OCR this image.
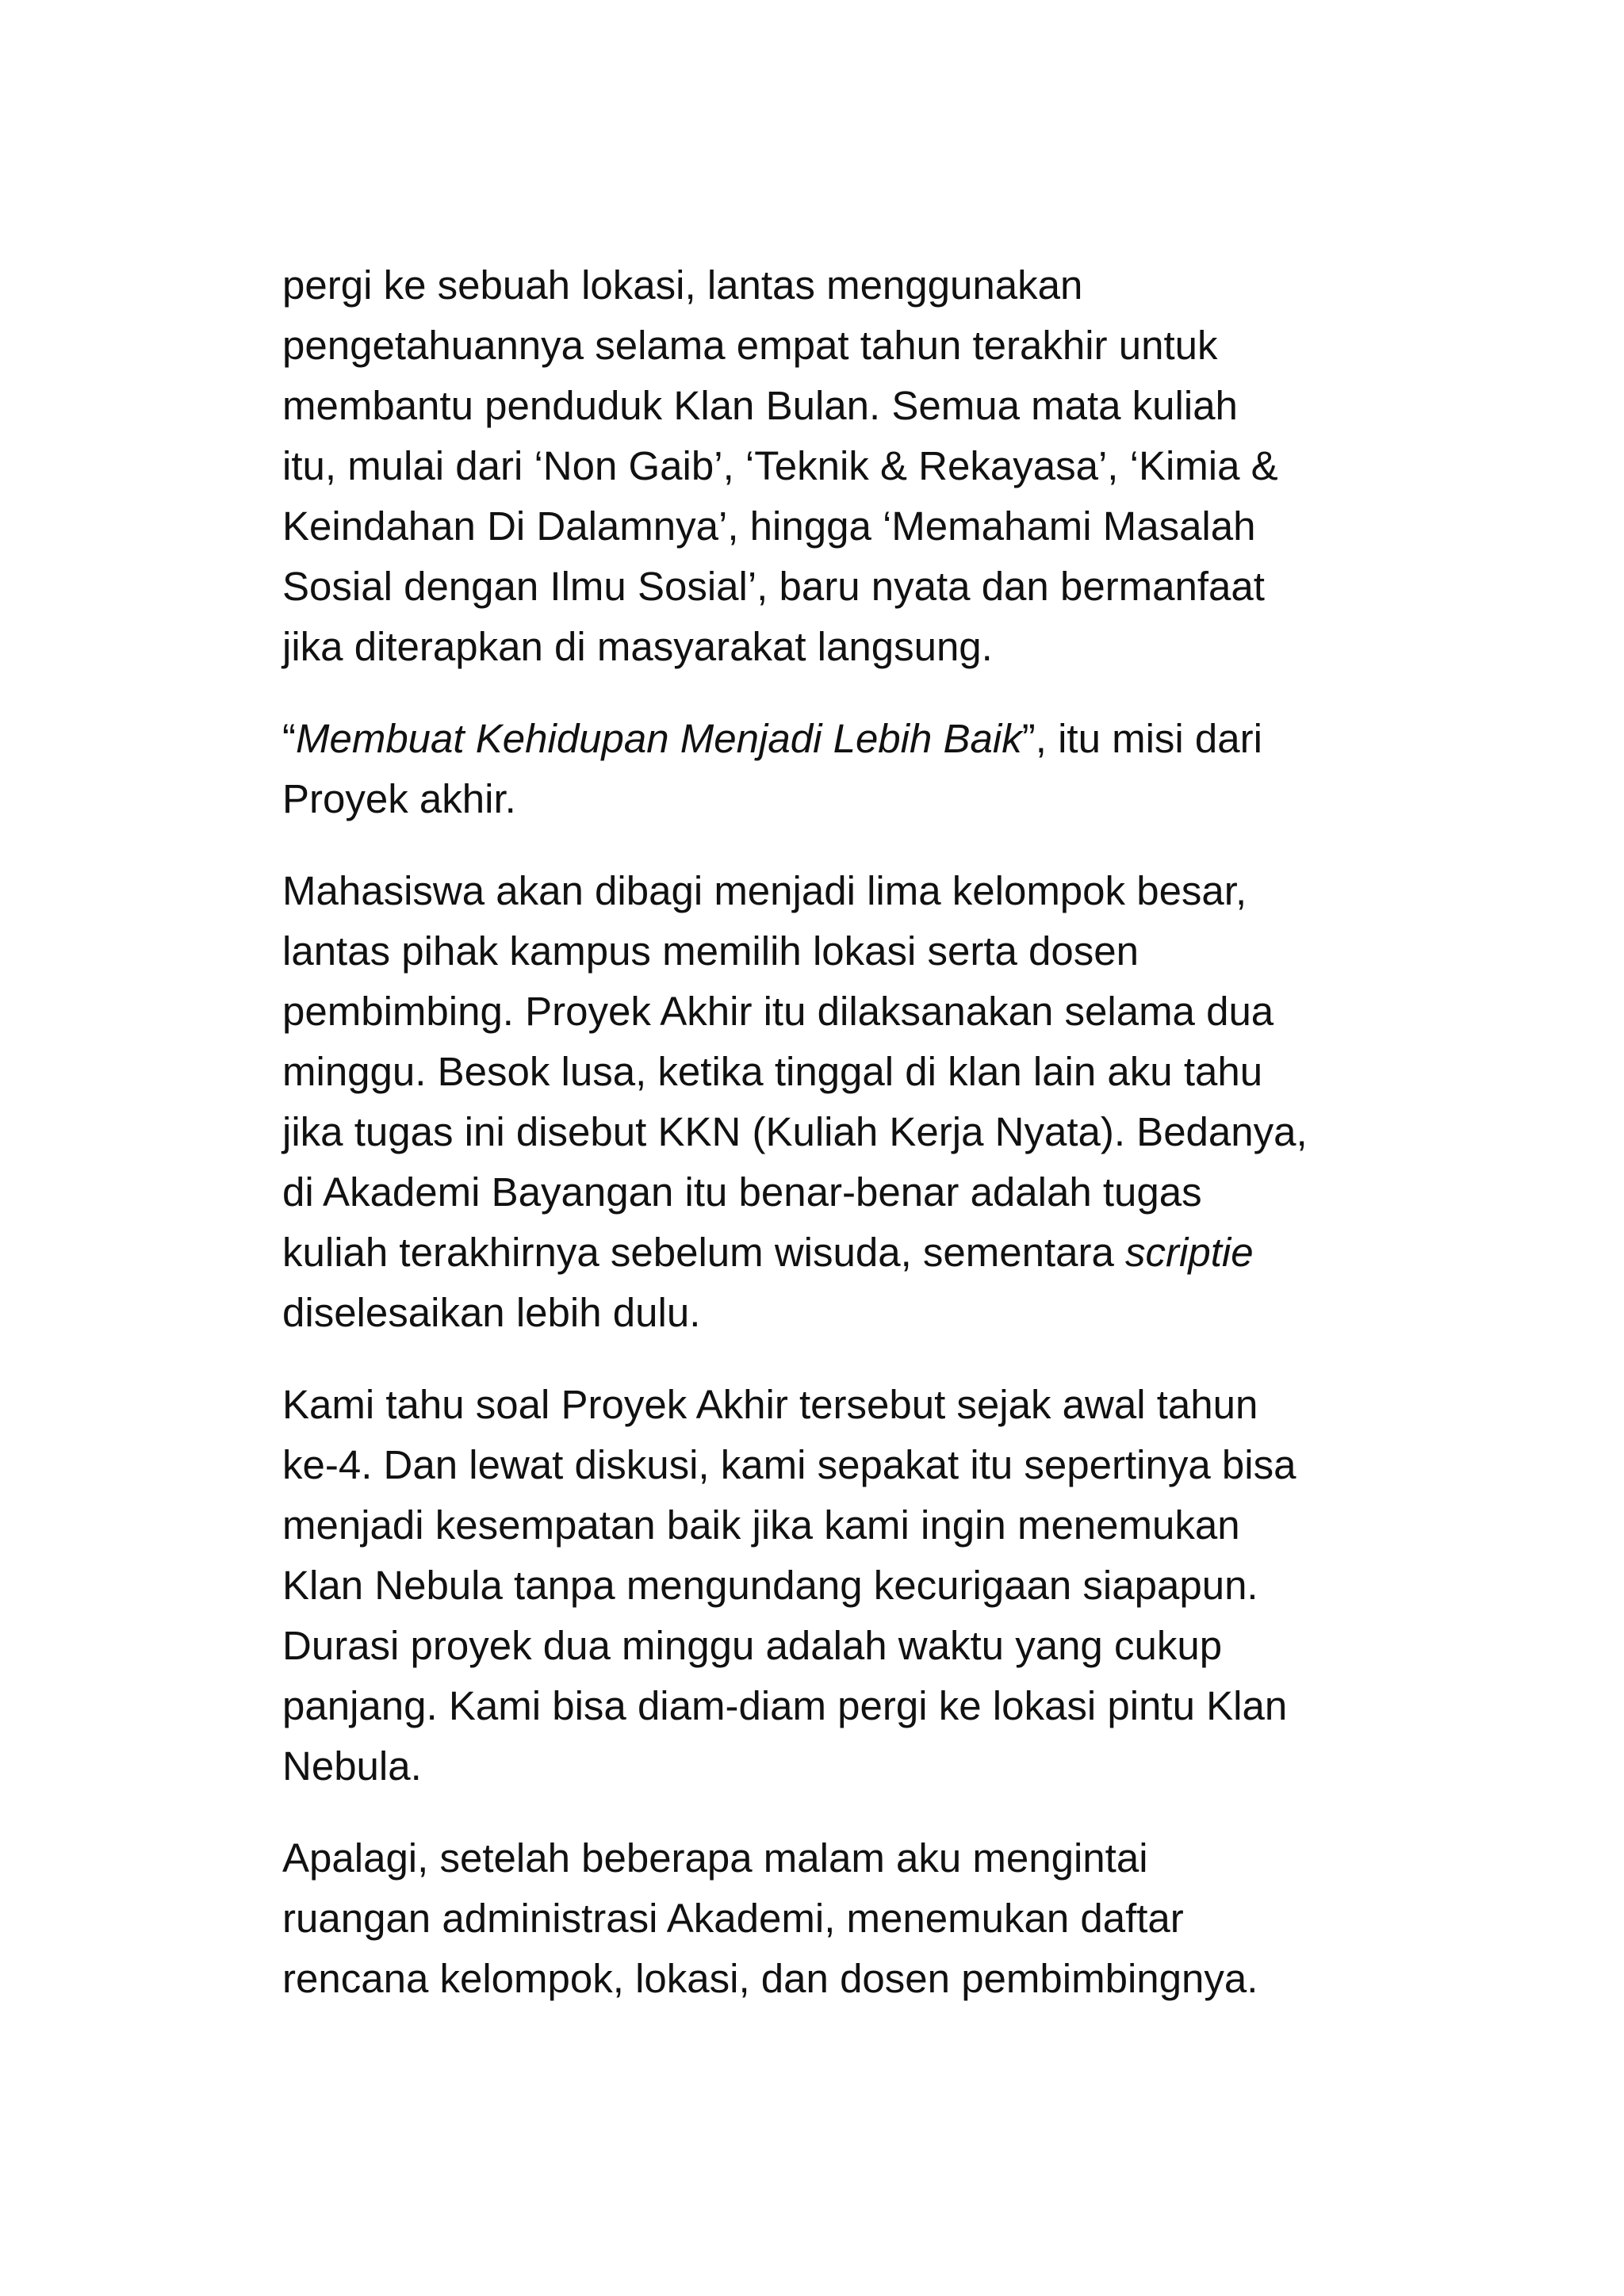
pergi ke sebuah lokasi, lantas menggunakan
pengetahuannya selama empat tahun terakhir untuk
membantu penduduk Klan Bulan. Semua mata kuliah
itu, mulai dari ‘Non Gaib’, ‘Teknik & Rekayasa’, ‘Kimia &
Keindahan Di Dalamnya’, hingga ‘Memahami Masalah
Sosial dengan Ilmu Sosial’, baru nyata dan bermanfaat
jika diterapkan di masyarakat langsung.

“Membuat Kehidupan Menjadi Lebih Baik”, itu misi dari
Proyek akhir.

Mahasiswa akan dibagi menjadi lima kelompok besar,
lantas pihak kampus memilih lokasi serta dosen
pembimbing. Proyek Akhir itu dilaksanakan selama dua
minggu. Besok lusa, ketika tinggal di klan lain aku tahu
jika tugas ini disebut KKN (Kuliah Kerja Nyata). Bedanya,
di Akademi Bayangan itu benar-benar adalah tugas
kuliah terakhirnya sebelum wisuda, sementara scriptie
diselesaikan lebih dulu.

Kami tahu soal Proyek Akhir tersebut sejak awal tahun
ke-4. Dan lewat diskusi, kami sepakat itu sepertinya bisa
menjadi kesempatan baik jika kami ingin menemukan
Klan Nebula tanpa mengundang kecurigaan siapapun.
Durasi proyek dua minggu adalah waktu yang cukup
panjang. Kami bisa diam-diam pergi ke lokasi pintu Klan
Nebula.

Apalagi, setelah beberapa malam aku mengintai
ruangan administrasi Akademi, menemukan daftar
rencana kelompok, lokasi, dan dosen pembimbingnya.
